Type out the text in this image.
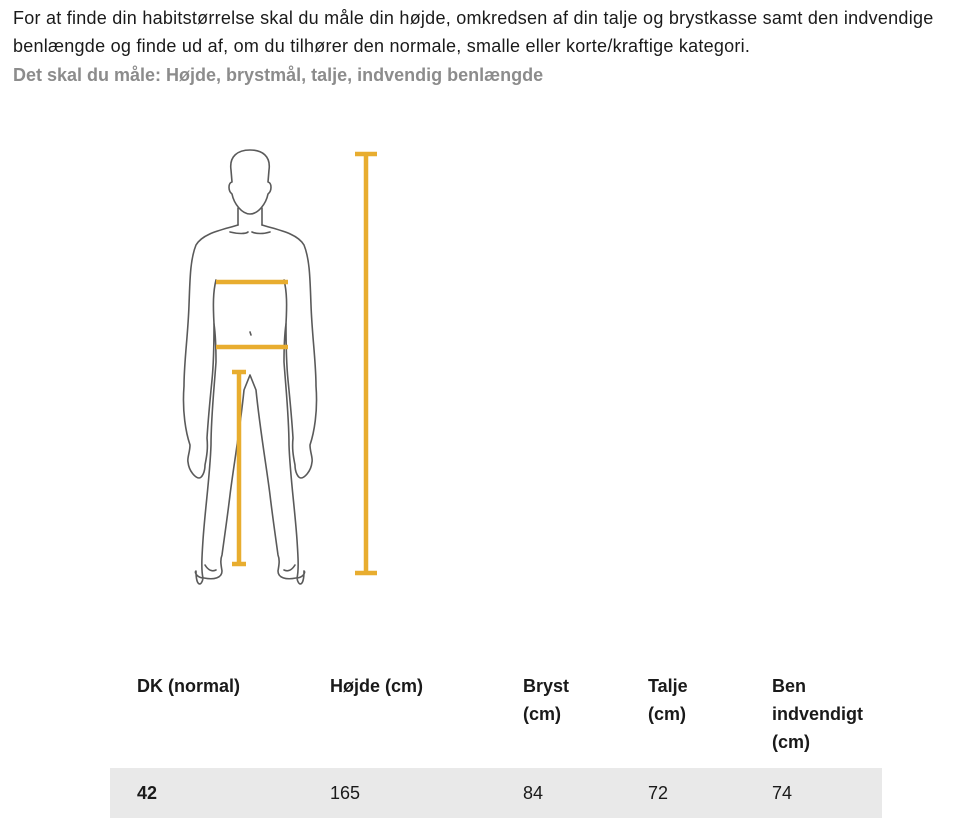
For at finde din habitstørrelse skal du måle din højde, omkredsen af din talje og brystkasse samt den indvendige benlængde og finde ud af, om du tilhører den normale, smalle eller korte/kraftige kategori.

Det skal du måle: Højde, brystmål, talje, indvendig benlængde

DK (normal)	Højde (cm)	Bryst (cm)	Talje (cm)	Ben indvendigt (cm)
42	165	84	72	74
